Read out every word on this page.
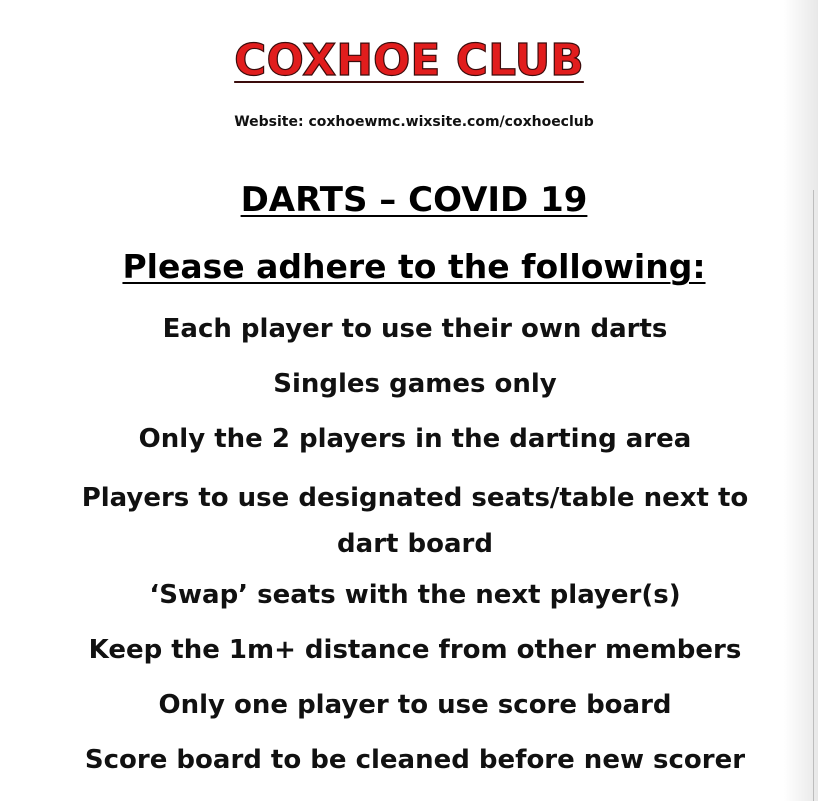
COXHOE CLUB
Website: coxhoewmc.wixsite.com/coxhoeclub
DARTS – COVID 19
Please adhere to the following:
Each player to use their own darts
Singles games only
Only the 2 players in the darting area
Players to use designated seats/table next to dart board
‘Swap’ seats with the next player(s)
Keep the 1m+ distance from other members
Only one player to use score board
Score board to be cleaned before new scorer
